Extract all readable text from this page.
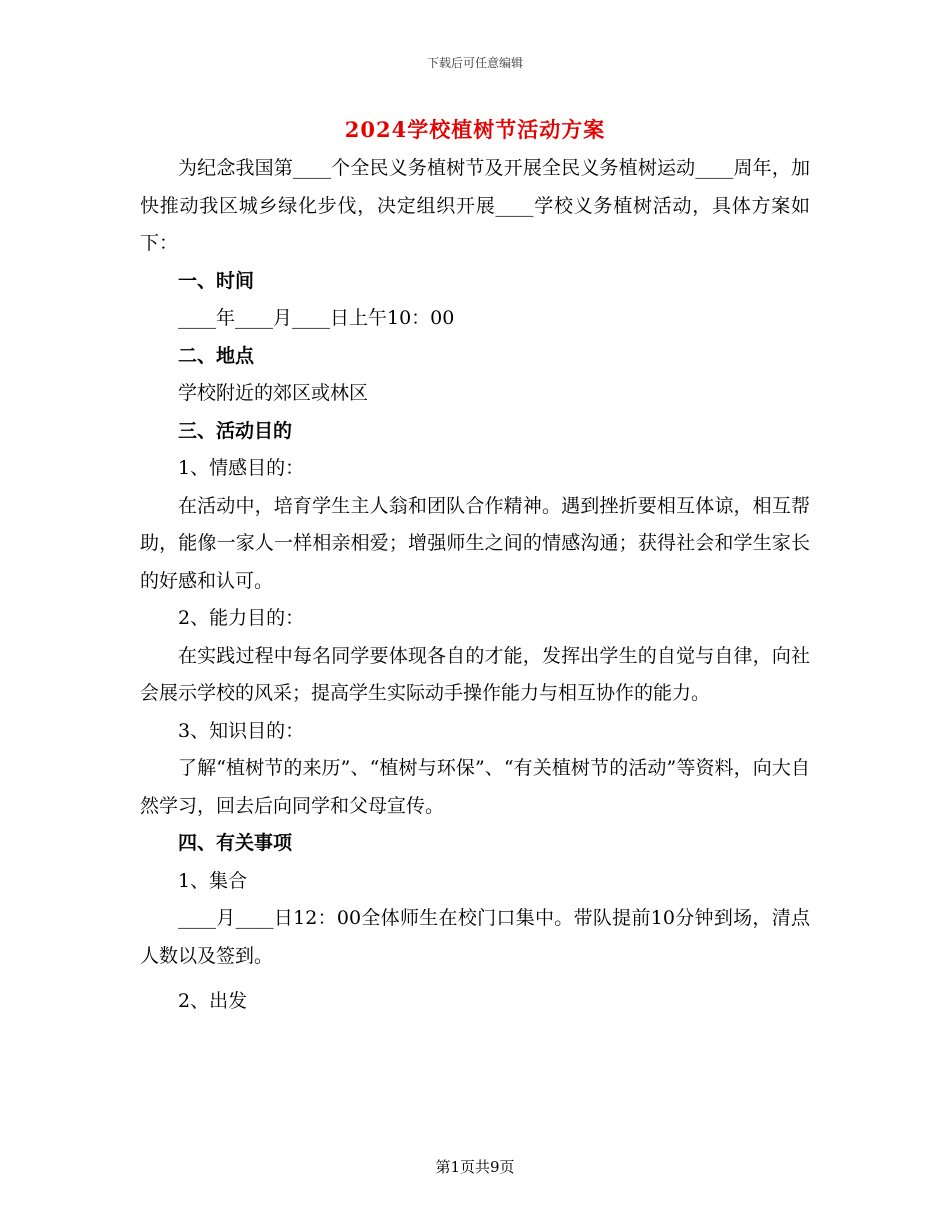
下载后可任意编辑
2024学校植树节活动方案

为纪念我国第____个全民义务植树节及开展全民义务植树运动____周年，加快推动我区城乡绿化步伐，决定组织开展____学校义务植树活动，具体方案如下：

一、时间

____年____月____日上午10：00

二、地点

学校附近的郊区或林区

三、活动目的

1、情感目的：

在活动中，培育学生主人翁和团队合作精神。遇到挫折要相互体谅，相互帮助，能像一家人一样相亲相爱；增强师生之间的情感沟通；获得社会和学生家长的好感和认可。

2、能力目的：

在实践过程中每名同学要体现各自的才能，发挥出学生的自觉与自律，向社会展示学校的风采；提高学生实际动手操作能力与相互协作的能力。

3、知识目的：

了解“植树节的来历”、“植树与环保”、“有关植树节的活动”等资料，向大自然学习，回去后向同学和父母宣传。

四、有关事项

1、集合

____月____日12：00全体师生在校门口集中。带队提前10分钟到场，清点人数以及签到。

2、出发

第1页共9页
